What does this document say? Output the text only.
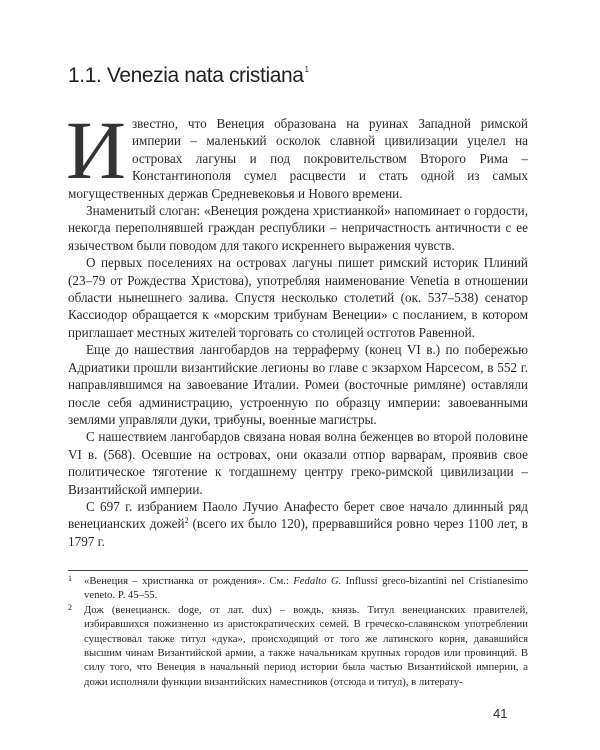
1.1. Venezia nata cristiana$^1$

Известно, что Венеция образована на руинах Западной римской империи – маленький осколок славной цивилизации уцелел на островах лагуны и под покровительством Второго Рима – Константинополя сумел расцвести и стать одной из самых могущественных держав Средневековья и Нового времени.

Знаменитый слоган: «Венеция рождена христианкой» напоминает о гордости, некогда переполнявшей граждан республики – непричастность античности с ее язычеством были поводом для такого искреннего выражения чувств.

О первых поселениях на островах лагуны пишет римский историк Плиний (23–79 от Рождества Христова), употребляя наименование Venetia в отношении области нынешнего залива. Спустя несколько столетий (ок. 537–538) сенатор Кассиодор обращается к «морским трибунам Венеции» с посланием, в котором приглашает местных жителей торговать со столицей остготов Равенной.

Еще до нашествия лангобардов на терраферму (конец VI в.) по побережью Адриатики прошли византийские легионы во главе с экзархом Нарсесом, в 552 г. направлявшимся на завоевание Италии. Ромеи (восточные римляне) оставляли после себя администрацию, устроенную по образцу империи: завоеванными землями управляли дуки, трибуны, военные магистры.

С нашествием лангобардов связана новая волна беженцев во второй половине VI в. (568). Осевшие на островах, они оказали отпор варварам, проявив свое политическое тяготение к тогдашнему центру греко-римской цивилизации – Византийской империи.

С 697 г. избранием Паоло Лучио Анафесто берет свое начало длинный ряд венецианских дожей$^2$ (всего их было 120), прервавшийся ровно через 1100 лет, в 1797 г.

1 «Венеция – христианка от рождения». См.: Fedalto G. Influssi greco-bizantini nel Cristianesimo veneto. P. 45–55.
2 Дож (венецианск. doge, от лат. dux) – вождь, князь. Титул венецианских правителей, избиравшихся пожизненно из аристократических семей. В греческо-славянском употреблении существовал также титул «дука», происходящий от того же латинского корня, дававшийся высшим чинам Византийской армии, а также начальникам крупных городов или провинций. В силу того, что Венеция в начальный период истории была частью Византийской империи, а дожи исполняли функции византийских наместников (отсюда и титул), в литерату-
41
